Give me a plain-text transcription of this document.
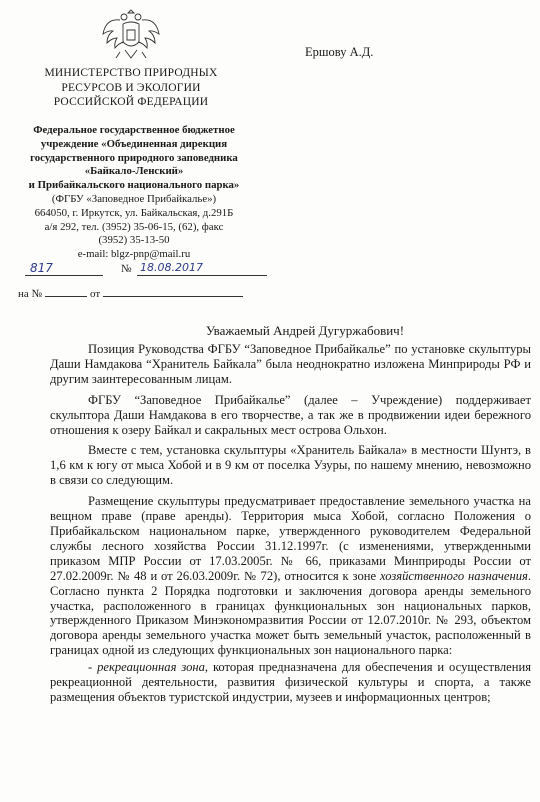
Ершову А.Д.
МИНИСТЕРСТВО ПРИРОДНЫХ
РЕСУРСОВ И ЭКОЛОГИИ
РОССИЙСКОЙ ФЕДЕРАЦИИ
Федеральное государственное бюджетное
учреждение «Объединенная дирекция
государственного природного заповедника
«Байкало-Ленский»
и Прибайкальского национального парка»
(ФГБУ «Заповедное Прибайкалье»)
664050, г. Иркутск, ул. Байкальская, д.291Б
а/я 292, тел. (3952) 35-06-15, (62), факс
(3952) 35-13-50
e-mail: blgz-pnp@mail.ru
817	№ 18.08.2017
на №	от
Уважаемый Андрей Дугуржабович!

Позиция Руководства ФГБУ “Заповедное Прибайкалье” по установке скульптуры Даши Намдакова “Хранитель Байкала” была неоднократно изложена Минприроды РФ и другим заинтересованным лицам.

ФГБУ “Заповедное Прибайкалье” (далее – Учреждение) поддерживает скульптора Даши Намдакова в его творчестве, а так же в продвижении идеи бережного отношения к озеру Байкал и сакральных мест острова Ольхон.

Вместе с тем, установка скульптуры «Хранитель Байкала» в местности Шунтэ, в 1,6 км к югу от мыса Хобой и в 9 км от поселка Узуры, по нашему мнению, невозможно в связи со следующим.

Размещение скульптуры предусматривает предоставление земельного участка на вещном праве (праве аренды). Территория мыса Хобой, согласно Положения о Прибайкальском национальном парке, утвержденного руководителем Федеральной службы лесного хозяйства России 31.12.1997г. (с изменениями, утвержденными приказом МПР России от 17.03.2005г. № 66, приказами Минприроды России от 27.02.2009г. № 48 и от 26.03.2009г. № 72), относится к зоне хозяйственного назначения. Согласно пункта 2 Порядка подготовки и заключения договора аренды земельного участка, расположенного в границах функциональных зон национальных парков, утвержденного Приказом Минэкономразвития России от 12.07.2010г. № 293, объектом договора аренды земельного участка может быть земельный участок, расположенный в границах одной из следующих функциональных зон национального парка:

- рекреационная зона, которая предназначена для обеспечения и осуществления рекреационной деятельности, развития физической культуры и спорта, а также размещения объектов туристской индустрии, музеев и информационных центров;
